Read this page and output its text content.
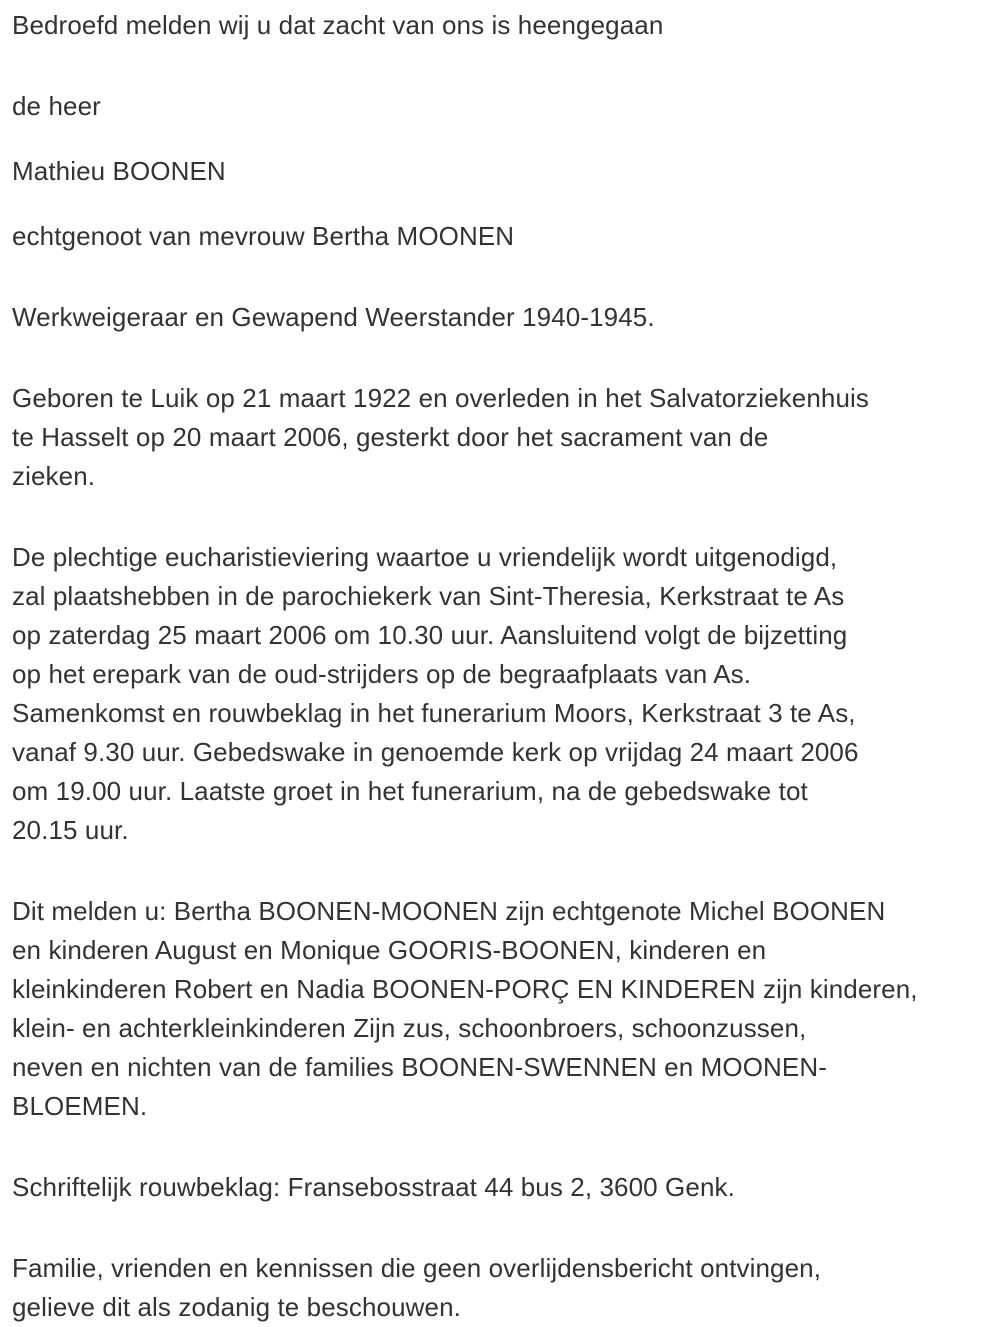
Bedroefd melden wij u dat zacht van ons is heengegaan

de heer

Mathieu BOONEN

echtgenoot van mevrouw Bertha MOONEN

Werkweigeraar en Gewapend Weerstander 1940-1945.

Geboren te Luik op 21 maart 1922 en overleden in het Salvatorziekenhuis
te Hasselt op 20 maart 2006, gesterkt door het sacrament van de
zieken.

De plechtige eucharistieviering waartoe u vriendelijk wordt uitgenodigd,
zal plaatshebben in de parochiekerk van Sint-Theresia, Kerkstraat te As
op zaterdag 25 maart 2006 om 10.30 uur. Aansluitend volgt de bijzetting
op het erepark van de oud-strijders op de begraafplaats van As.
Samenkomst en rouwbeklag in het funerarium Moors, Kerkstraat 3 te As,
vanaf 9.30 uur. Gebedswake in genoemde kerk op vrijdag 24 maart 2006
om 19.00 uur. Laatste groet in het funerarium, na de gebedswake tot
20.15 uur.

Dit melden u: Bertha BOONEN-MOONEN zijn echtgenote Michel BOONEN
en kinderen August en Monique GOORIS-BOONEN, kinderen en
kleinkinderen Robert en Nadia BOONEN-PORÇ EN KINDEREN zijn kinderen,
klein- en achterkleinkinderen Zijn zus, schoonbroers, schoonzussen,
neven en nichten van de families BOONEN-SWENNEN en MOONEN-
BLOEMEN.

Schriftelijk rouwbeklag: Fransebosstraat 44 bus 2, 3600 Genk.

Familie, vrienden en kennissen die geen overlijdensbericht ontvingen,
gelieve dit als zodanig te beschouwen.
